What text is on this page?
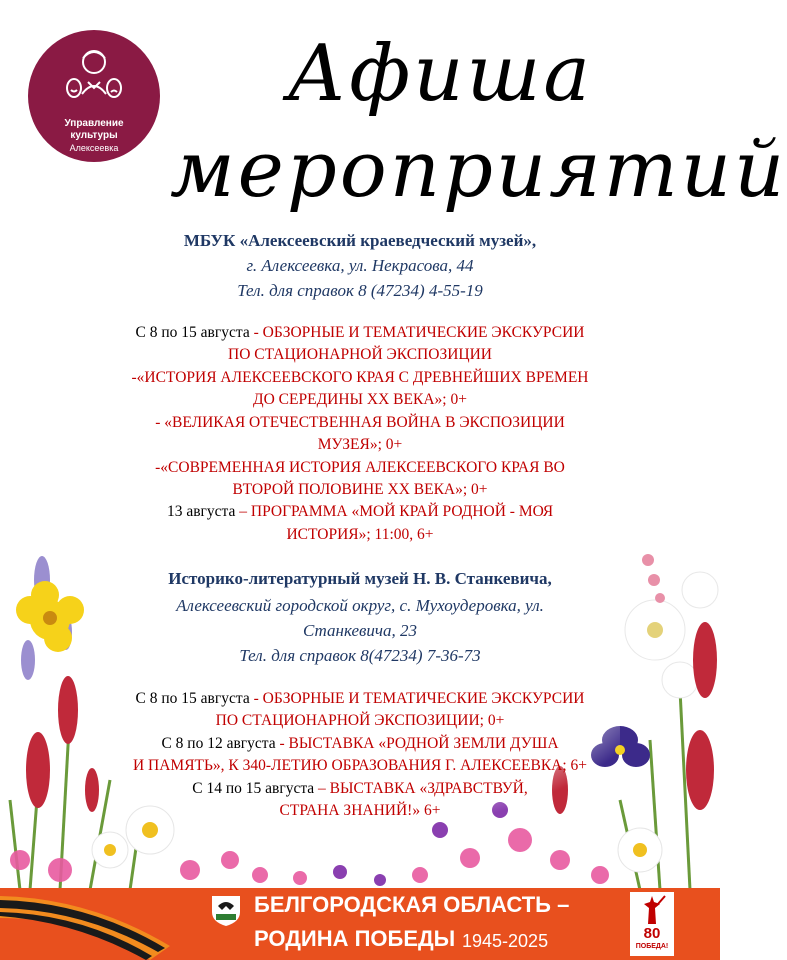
Управление
культуры
Алексеевка
Афиша
мероприятий
МБУК «Алексеевский краеведческий музей»,
г. Алексеевка, ул. Некрасова, 44
Тел. для справок 8 (47234) 4-55-19
С 8 по 15 августа - ОБЗОРНЫЕ И ТЕМАТИЧЕСКИЕ ЭКСКУРСИИ
ПО СТАЦИОНАРНОЙ ЭКСПОЗИЦИИ
-«ИСТОРИЯ АЛЕКСЕЕВСКОГО КРАЯ С ДРЕВНЕЙШИХ ВРЕМЕН
ДО СЕРЕДИНЫ XX ВЕКА»; 0+
- «ВЕЛИКАЯ ОТЕЧЕСТВЕННАЯ ВОЙНА В ЭКСПОЗИЦИИ
МУЗЕЯ»; 0+
-«СОВРЕМЕННАЯ ИСТОРИЯ АЛЕКСЕЕВСКОГО КРАЯ ВО
ВТОРОЙ ПОЛОВИНЕ XX ВЕКА»; 0+
13 августа – ПРОГРАММА «МОЙ КРАЙ РОДНОЙ - МОЯ
ИСТОРИЯ»; 11:00, 6+
Историко-литературный музей Н. В. Станкевича,
Алексеевский городской округ, с. Мухоудеровка, ул.
Станкевича, 23
Тел. для справок 8(47234) 7-36-73
С 8 по 15 августа - ОБЗОРНЫЕ И ТЕМАТИЧЕСКИЕ ЭКСКУРСИИ
ПО СТАЦИОНАРНОЙ ЭКСПОЗИЦИИ; 0+
С 8 по 12 августа - ВЫСТАВКА «РОДНОЙ ЗЕМЛИ ДУША
И ПАМЯТЬ», К 340-ЛЕТИЮ ОБРАЗОВАНИЯ Г. АЛЕКСЕЕВКА; 6+
С 14 по 15 августа – ВЫСТАВКА «ЗДРАВСТВУЙ,
СТРАНА ЗНАНИЙ!» 6+
БЕЛГОРОДСКАЯ ОБЛАСТЬ –
РОДИНА ПОБЕДЫ 1945-2025	80
ПОБЕДА!
